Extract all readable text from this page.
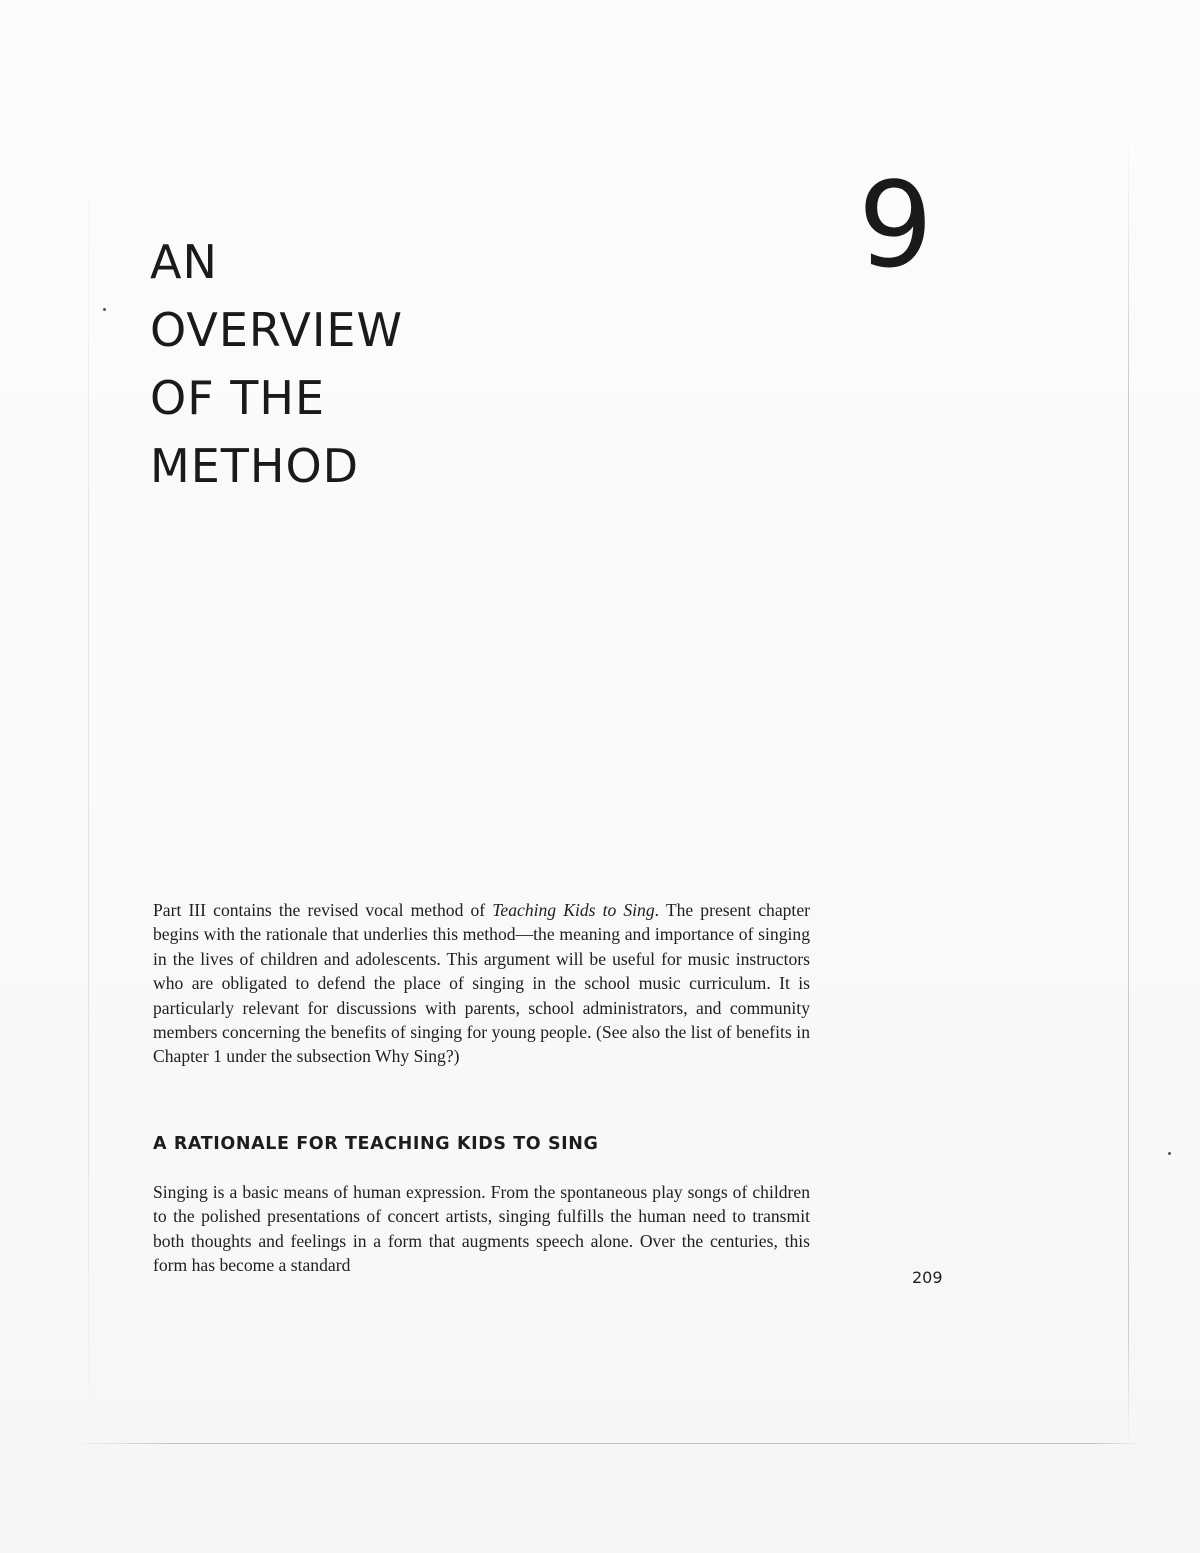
9
AN
OVERVIEW
OF THE
METHOD

Part III contains the revised vocal method of Teaching Kids to Sing. The present chapter begins with the rationale that underlies this method—the meaning and importance of singing in the lives of children and adolescents. This argument will be useful for music instructors who are obligated to defend the place of singing in the school music curriculum. It is particularly relevant for discussions with parents, school administrators, and community members concerning the benefits of singing for young people. (See also the list of benefits in Chapter 1 under the subsection Why Sing?)

A RATIONALE FOR TEACHING KIDS TO SING

Singing is a basic means of human expression. From the spontaneous play songs of children to the polished presentations of concert artists, singing fulfills the human need to transmit both thoughts and feelings in a form that augments speech alone. Over the centuries, this form has become a standard

209
